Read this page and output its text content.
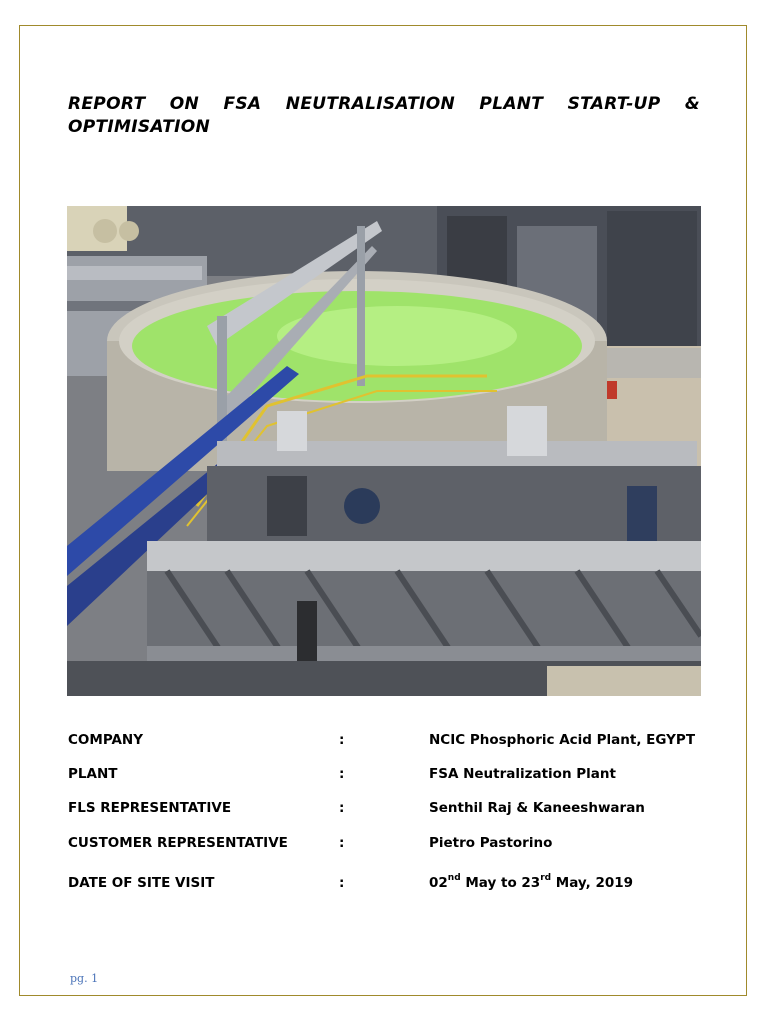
REPORT ON FSA NEUTRALISATION PLANT START-UP &
OPTIMISATION
COMPANY	:	NCIC Phosphoric Acid Plant, EGYPT
PLANT	:	FSA Neutralization Plant
FLS REPRESENTATIVE	:	Senthil Raj & Kaneeshwaran
CUSTOMER REPRESENTATIVE	:	Pietro Pastorino
DATE OF SITE VISIT	:	02nd May to 23rd May, 2019
pg. 1
